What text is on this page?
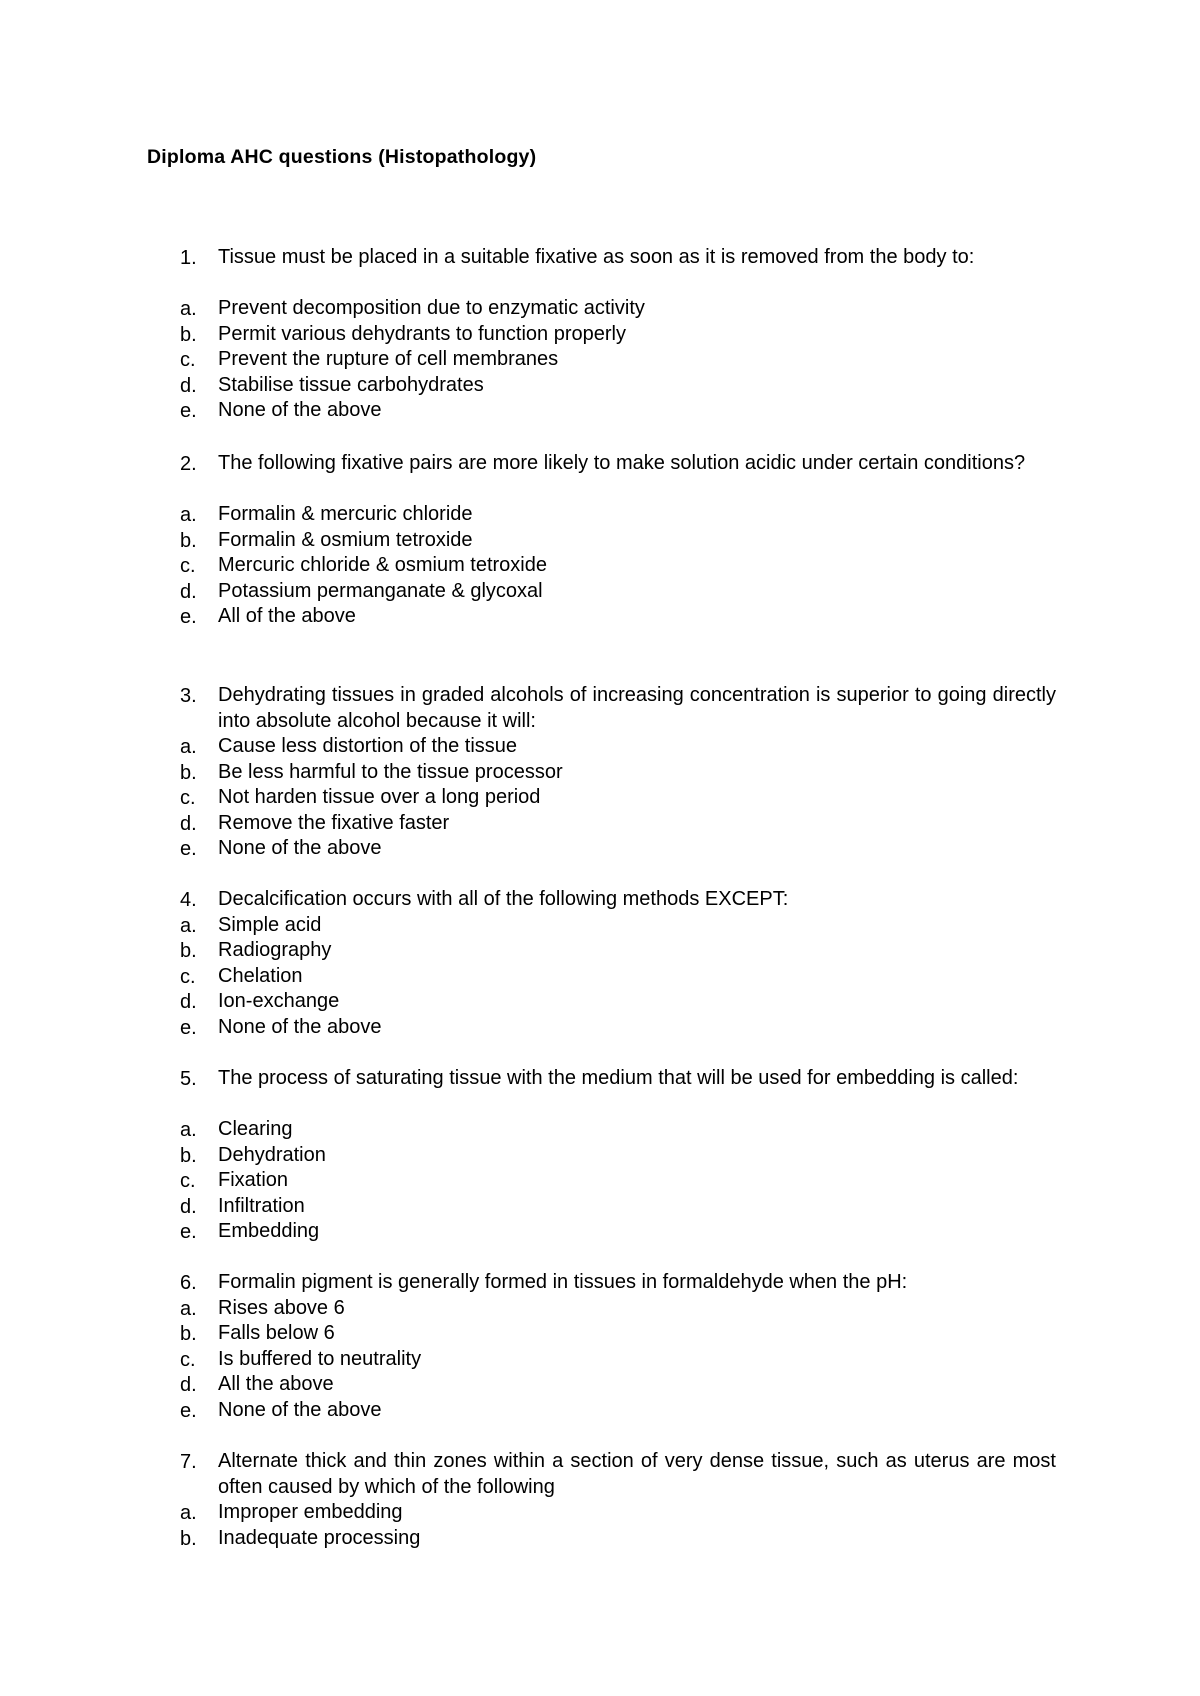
Diploma AHC questions (Histopathology)
1.	Tissue must be placed in a suitable fixative as soon as it is removed from the body to:
a.	Prevent decomposition due to enzymatic activity
b.	Permit various dehydrants to function properly
c.	Prevent the rupture of cell membranes
d.	Stabilise tissue carbohydrates
e.	None of the above
2.	The following fixative pairs are more likely to make solution acidic under certain conditions?
a.	Formalin & mercuric chloride
b.	Formalin & osmium tetroxide
c.	Mercuric chloride & osmium tetroxide
d.	Potassium permanganate & glycoxal
e.	All of the above
3.	Dehydrating tissues in graded alcohols of increasing concentration is superior to going directly into absolute alcohol because it will:
a.	Cause less distortion of the tissue
b.	Be less harmful to the tissue processor
c.	Not harden tissue over a long period
d.	Remove the fixative faster
e.	None of the above
4.	Decalcification occurs with all of the following methods EXCEPT:
a.	Simple acid
b.	Radiography
c.	Chelation
d.	Ion-exchange
e.	None of the above
5.	The process of saturating tissue with the medium that will be used for embedding is called:
a.	Clearing
b.	Dehydration
c.	Fixation
d.	Infiltration
e.	Embedding
6.	Formalin pigment is generally formed in tissues in formaldehyde when the pH:
a.	Rises above 6
b.	Falls below 6
c.	Is buffered to neutrality
d.	All the above
e.	None of the above
7.	Alternate thick and thin zones within a section of very dense tissue, such as uterus are most often caused by which of the following
a.	Improper embedding
b.	Inadequate processing
